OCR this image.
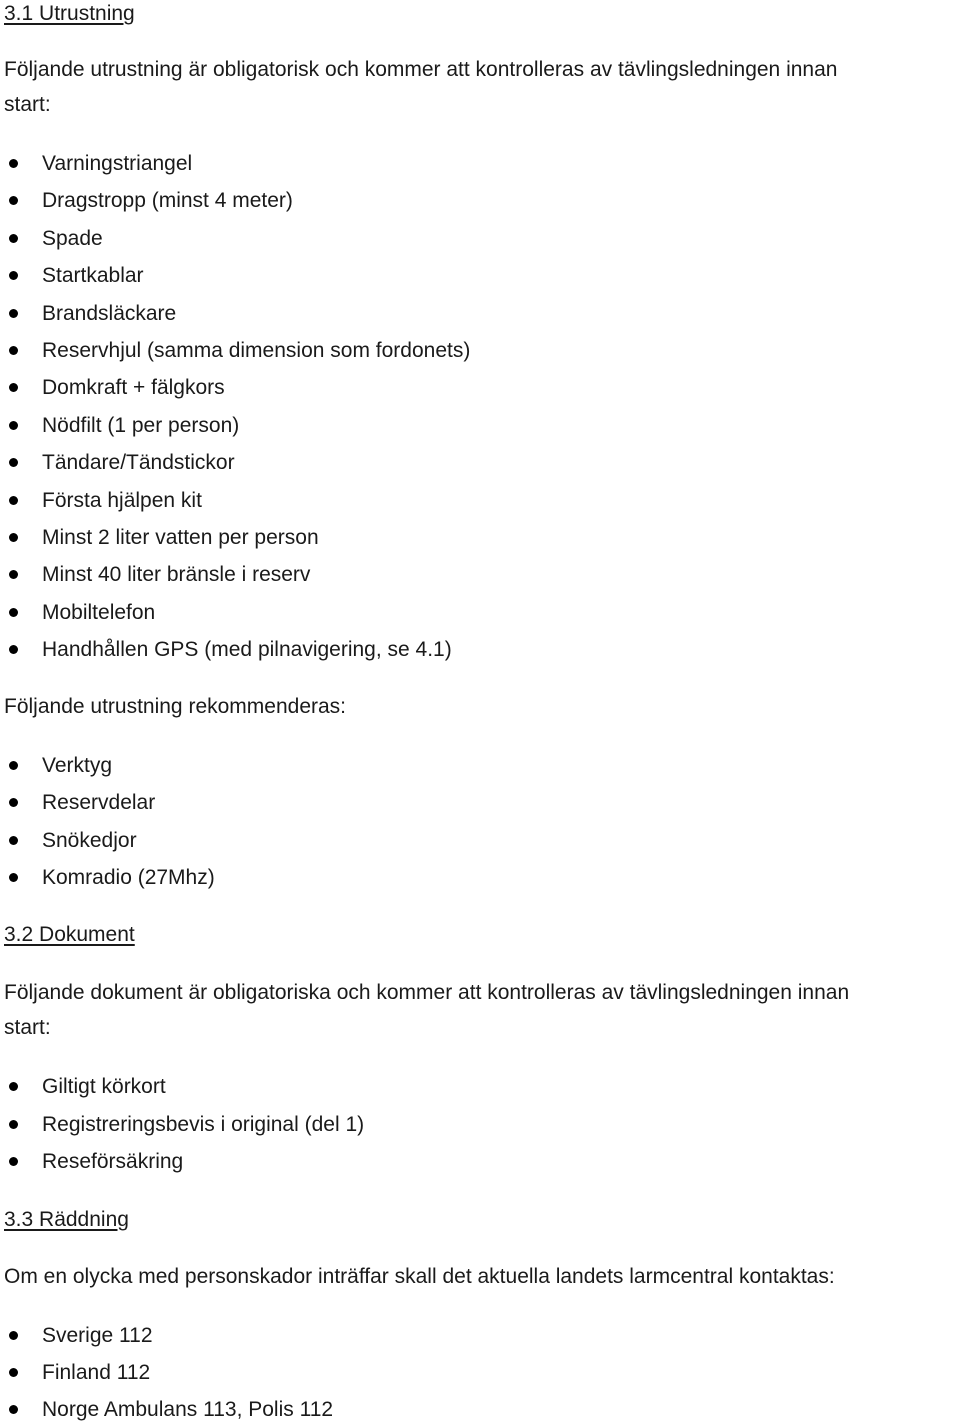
3.1 Utrustning
Följande utrustning är obligatorisk och kommer att kontrolleras av tävlingsledningen innan
start:
Varningstriangel
Dragstropp (minst 4 meter)
Spade
Startkablar
Brandsläckare
Reservhjul (samma dimension som fordonets)
Domkraft + fälgkors
Nödfilt (1 per person)
Tändare/Tändstickor
Första hjälpen kit
Minst 2 liter vatten per person
Minst 40 liter bränsle i reserv
Mobiltelefon
Handhållen GPS (med pilnavigering, se 4.1)
Följande utrustning rekommenderas:
Verktyg
Reservdelar
Snökedjor
Komradio (27Mhz)
3.2 Dokument
Följande dokument är obligatoriska och kommer att kontrolleras av tävlingsledningen innan
start:
Giltigt körkort
Registreringsbevis i original (del 1)
Reseförsäkring
3.3 Räddning
Om en olycka med personskador inträffar skall det aktuella landets larmcentral kontaktas:
Sverige 112
Finland 112
Norge Ambulans 113, Polis 112
